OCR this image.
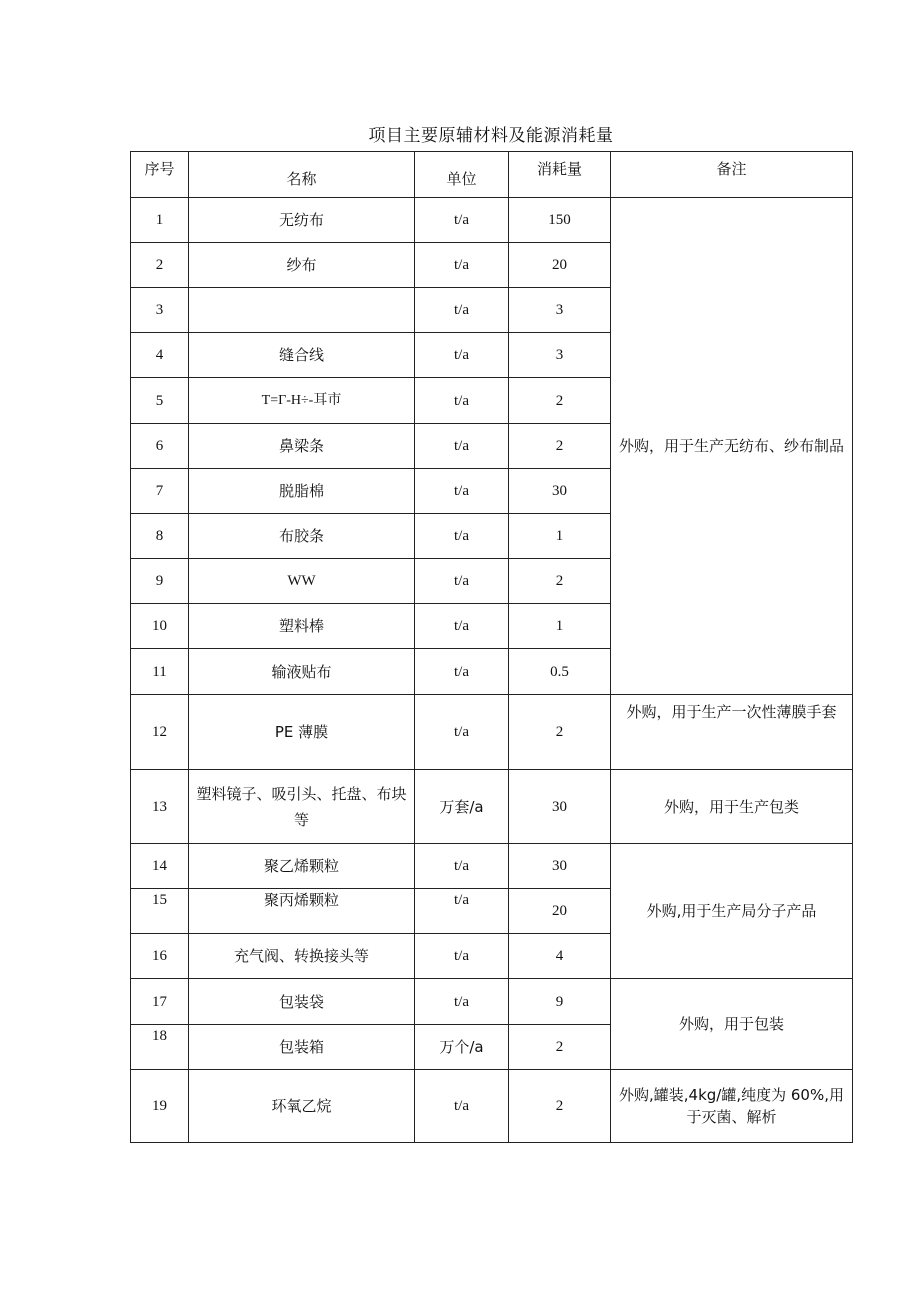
项目主要原辅材料及能源消耗量
序号	名称	单位	消耗量	备注
1	无纺布	t/a	150	外购，用于生产无纺布、纱布制品
2	纱布	t/a	20	
3		t/a	3	
4	缝合线	t/a	3	
5	T=Γ-H÷-耳市	t/a	2	
6	鼻梁条	t/a	2	
7	脱脂棉	t/a	30	
8	布胶条	t/a	1	
9	WW	t/a	2	
10	塑料棒	t/a	1	
11	输液贴布	t/a	0.5	
12	PE 薄膜	t/a	2	外购，用于生产一次性薄膜手套
13	塑料镜子、吸引头、托盘、布块等	万套/a	30	外购，用于生产包类
14	聚乙烯颗粒	t/a	30	外购,用于生产局分子产品
15	聚丙烯颗粒	t/a	20	
16	充气阀、转换接头等	t/a	4	
17	包装袋	t/a	9	外购，用于包装
18	包装箱	万个/a	2	
19	环氧乙烷	t/a	2	外购,罐装,4kg/罐,纯度为 60%,用于灭菌、解析
